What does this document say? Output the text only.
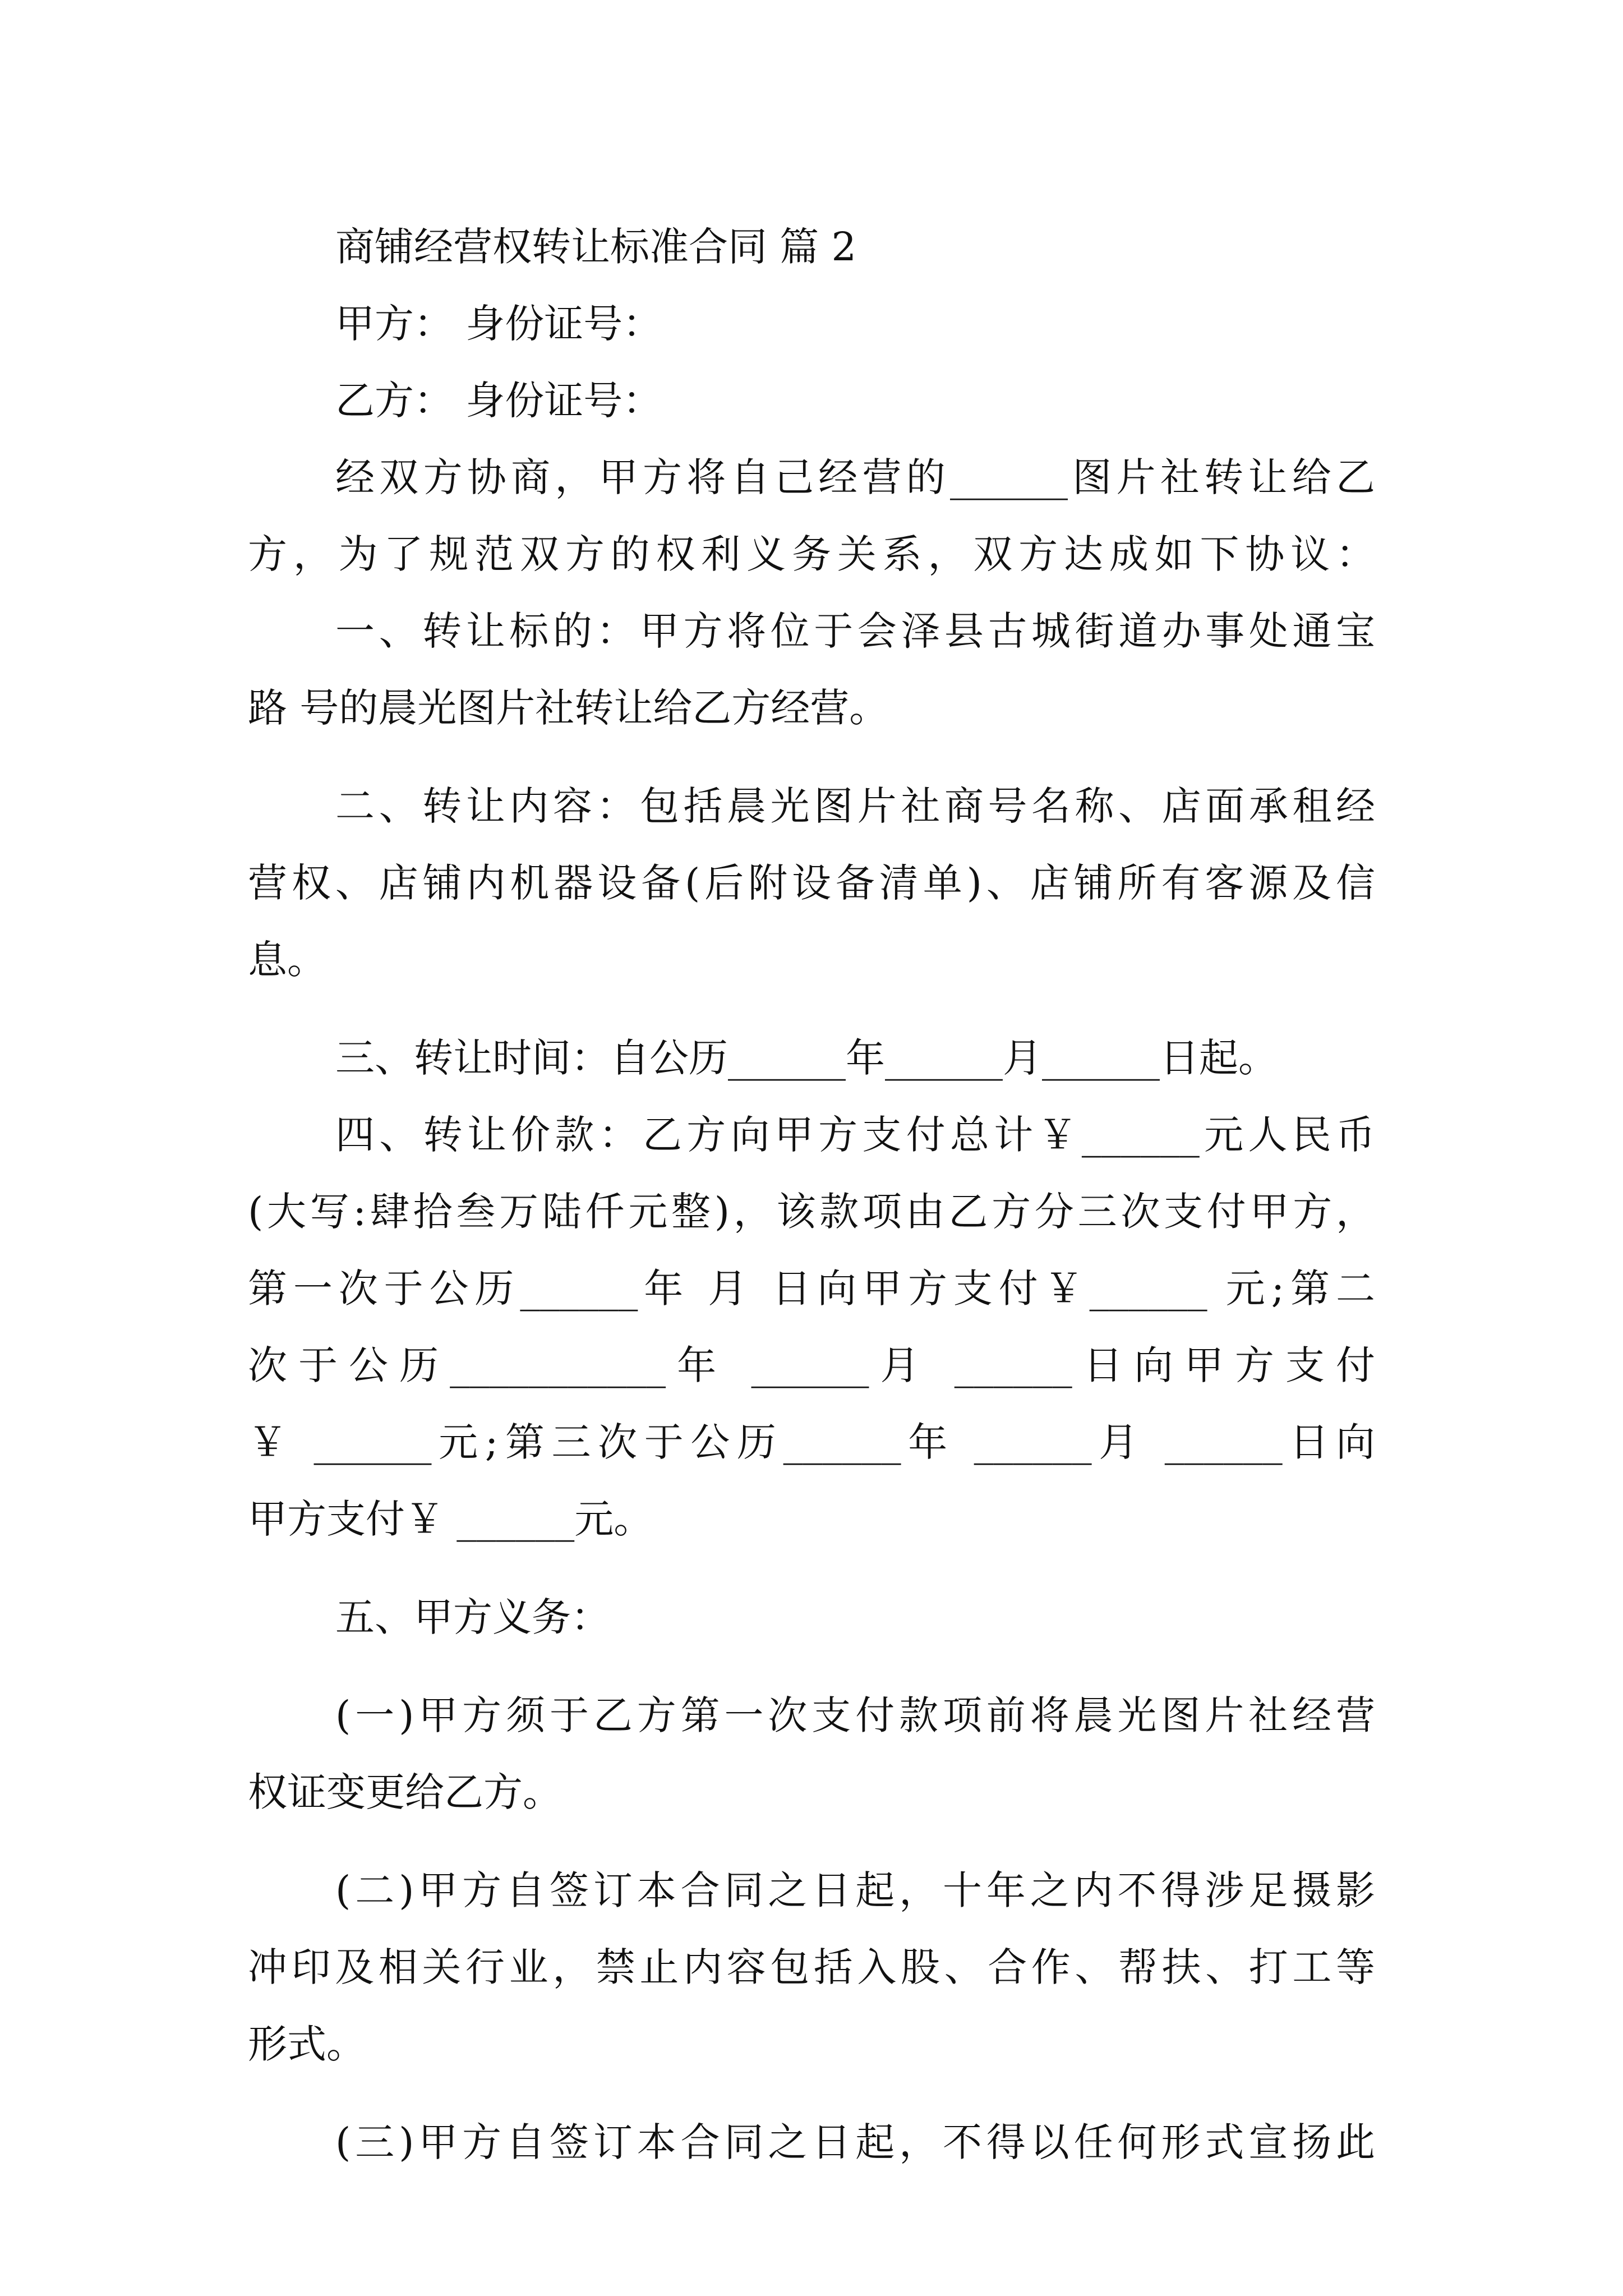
商铺经营权转让标准合同 篇 2
甲方： 身份证号：
乙方： 身份证号：
经双方协商，甲方将自己经营的______图片社转让给乙
方，为了规范双方的权利义务关系，双方达成如下协议：
一、转让标的：甲方将位于会泽县古城街道办事处通宝
路 号的晨光图片社转让给乙方经营。
二、转让内容：包括晨光图片社商号名称、店面承租经
营权、店铺内机器设备(后附设备清单)、店铺所有客源及信
息。
三、转让时间：自公历______年______月______日起。
四、转让价款：乙方向甲方支付总计￥______元人民币
(大写:肆拾叁万陆仟元整)，该款项由乙方分三次支付甲方，
第一次于公历______年 月 日向甲方支付￥______ 元;第二
次于公历___________年 ______月 ______日向甲方支付
￥ ______元;第三次于公历______年 ______月 ______日向
甲方支付￥ ______元。
五、甲方义务：
(一)甲方须于乙方第一次支付款项前将晨光图片社经营
权证变更给乙方。
(二)甲方自签订本合同之日起，十年之内不得涉足摄影
冲印及相关行业，禁止内容包括入股、合作、帮扶、打工等
形式。
(三)甲方自签订本合同之日起，不得以任何形式宣扬此
